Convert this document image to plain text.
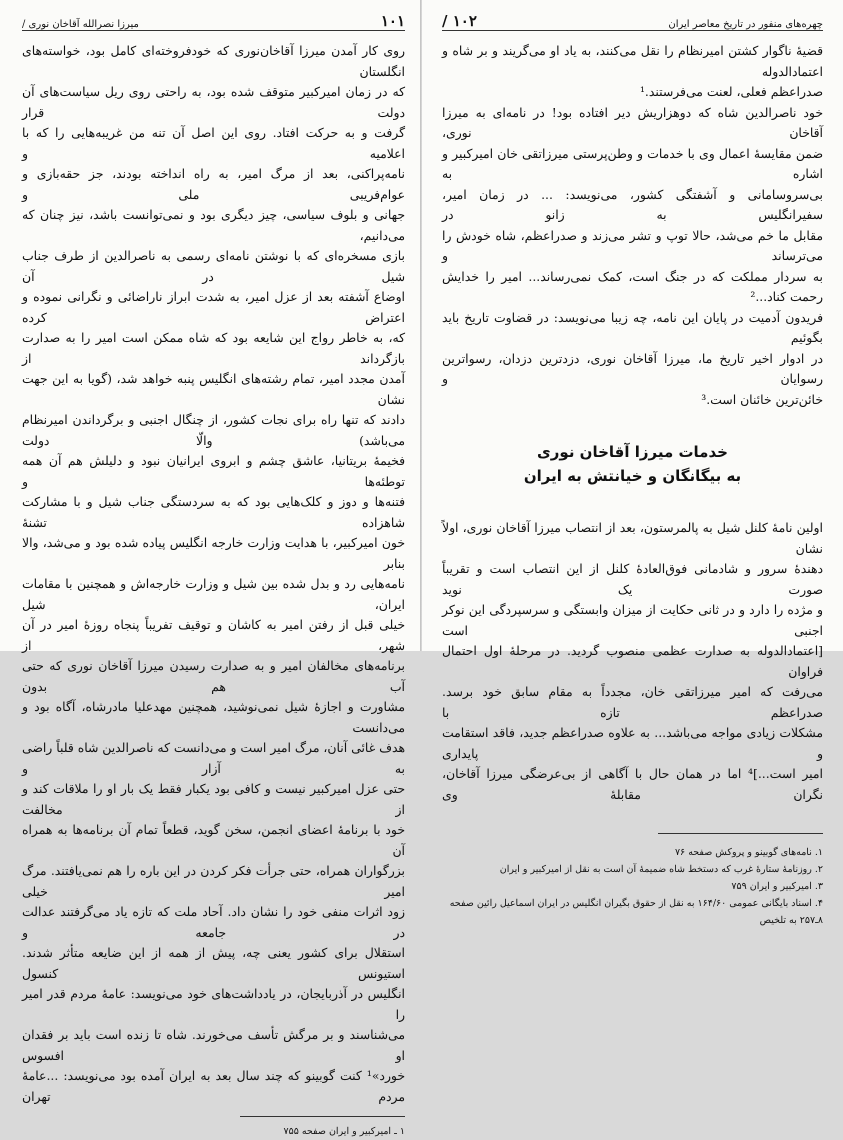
۱۰۱
میرزا نصرالله آقاخان نوری /

روی کار آمدن میرزا آقاخان‌نوری که خودفروخته‌ای کامل بود، خواسته‌های انگلستان

که در زمان امیرکبیر متوقف شده بود، به راحتی روی ریل سیاست‌های آن دولت قرار

گرفت و به حرکت افتاد. روی این اصل آن تنه من غریبه‌هایی را که با اعلامیه و

نامه‌پراکنی، بعد از مرگ امیر، به راه انداخته بودند، جز حقه‌بازی و عوام‌فریبی ملی و

جهانی و بلوف سیاسی، چیز دیگری بود و نمی‌توانست باشد، نیز چنان که می‌دانیم،

بازی مسخره‌ای که با نوشتن نامه‌ای رسمی به ناصرالدین از طرف جناب شیل در آن

اوضاع آشفته بعد از عزل امیر، به شدت ابراز ناراضائی و نگرانی نموده و اعتراض کرده

که، به خاطر رواج این شایعه بود که شاه ممکن است امیر را به صدارت بازگرداند از

آمدن مجدد امیر، تمام رشته‌های انگلیس پنبه خواهد شد، (گویا به این جهت نشان

دادند که تنها راه برای نجات کشور، از چنگال اجنبی و برگرداندن امیرنظام می‌باشد) والّا دولت

فخیمهٔ بریتانیا، عاشق چشم و ابروی ایرانیان نبود و دلیلش هم آن همه توطئه‌ها و

فتنه‌ها و دوز و کلک‌هایی بود که به سردستگی جناب شیل و با مشارکت شاهزاده تشنهٔ

خون امیرکبیر، با هدایت وزارت خارجه انگلیس پیاده شده بود و می‌شد، والا بنابر

نامه‌هایی رد و بدل شده بین شیل و وزارت خارجه‌اش و همچنین با مقامات ایران، شیل

خیلی قبل از رفتن امیر به کاشان و توقیف تفریباً پنجاه روزهٔ امیر در آن شهر، از

برنامه‌های مخالفان امیر و به صدارت رسیدن میرزا آقاخان نوری که حتی آب هم بدون

مشاورت و اجازهٔ شیل نمی‌نوشید، همچنین مهدعلیا مادرشاه، آگاه بود و می‌دانست

هدف غائی آنان، مرگ امیر است و می‌دانست که ناصرالدین شاه قلباً راضی به آزار و

حتی عزل امیرکبیر نیست و کافی بود یکبار فقط یک بار او را ملاقات کند و از مخالفت

خود با برنامهٔ اعضای انجمن، سخن گوید، قطعاً تمام آن برنامه‌ها به همراه آن

بزرگواران همراه، حتی جرأت فکر کردن در این باره را هم نمی‌یافتند. مرگ امیر خیلی

زود اثرات منفی خود را نشان داد. آحاد ملت که تازه یاد می‌گرفتند عدالت در جامعه و

استقلال برای کشور یعنی چه، پیش از همه از این ضایعه متأثر شدند. استیونس کنسول

انگلیس در آذربایجان، در یادداشت‌های خود می‌نویسد: عامهٔ مردم قدر امیر را

می‌شناسند و بر مرگش تأسف می‌خورند. شاه تا زنده است باید بر فقدان او افسوس

خورد»¹ کنت گوبینو که چند سال بعد به ایران آمده بود می‌نویسد: ...عامهٔ مردم تهران

۱ ـ امیرکبیر و ایران صفحه ۷۵۵
چهره‌های منفور در تاریخ معاصر ایران
۱۰۲ /

قضیهٔ ناگوار کشتن امیرنظام را نقل می‌کنند، به یاد او می‌گریند و بر شاه و اعتمادالدوله

صدراعظم فعلی، لعنت می‌فرستند.¹

خود ناصرالدین شاه که دوهزاریش دیر افتاده بود! در نامه‌ای به میرزا آقاخان نوری،

ضمن مقایسهٔ اعمال وی با خدمات و وطن‌پرستی میرزاتقی خان امیرکبیر و اشاره به

بی‌سروسامانی و آشفتگی کشور، می‌نویسد: ... در زمان امیر، سفیرانگلیس به زانو در

مقابل ما خم می‌شد، حالا توپ و تشر می‌زند و صدراعظم، شاه خودش را می‌ترساند و

به سردار مملکت که در جنگ است، کمک نمی‌رساند... امیر را خدایش رحمت کناد...²

فریدون آدمیت در پایان این نامه، چه زیبا می‌نویسد: در قضاوت تاریخ باید بگوئیم

در ادوار اخیر تاریخ ما، میرزا آقاخان نوری، دزدترین دزدان، رسواترین رسوایان و

خائن‌ترین خائنان است.³

خدمات میرزا آقاخان نوری
به بیگانگان و خیانتش به ایران

اولین نامهٔ کلنل شیل به پالمرستون، بعد از انتصاب میرزا آقاخان نوری، اولاً نشان

دهندهٔ سرور و شادمانی فوق‌العادهٔ کلنل از این انتصاب است و تقریباً صورت یک نوید

و مژده را دارد و در ثانی حکایت از میزان وابستگی و سرسپردگی این نوکر اجنبی است

[اعتمادالدوله به صدارت عظمی منصوب گردید. در مرحلهٔ اول احتمال فراوان

می‌رفت که امیر میرزاتقی خان، مجدداً به مقام سابق خود برسد. صدراعظم تازه با

مشکلات زیادی مواجه می‌باشد... به علاوه صدراعظم جدید، فاقد استقامت و پایداری

امیر است...]⁴ اما در همان حال با آگاهی از بی‌عرضگی میرزا آقاخان، نگران مقابلهٔ وی

۱. نامه‌های گوبینو و پروکش صفحه ۷۶
۲. روزنامهٔ ستارهٔ غرب که دستخط شاه ضمیمهٔ آن است به نقل از امیرکبیر و ایران
۳. امیرکبیر و ایران ۷۵۹
۴. اسناد بایگانی عمومی ۱۶۴/۶۰ به نقل از حقوق بگیران انگلیس در ایران اسماعیل رائین صفحه
۸ـ۲۵۷ به تلخیص
